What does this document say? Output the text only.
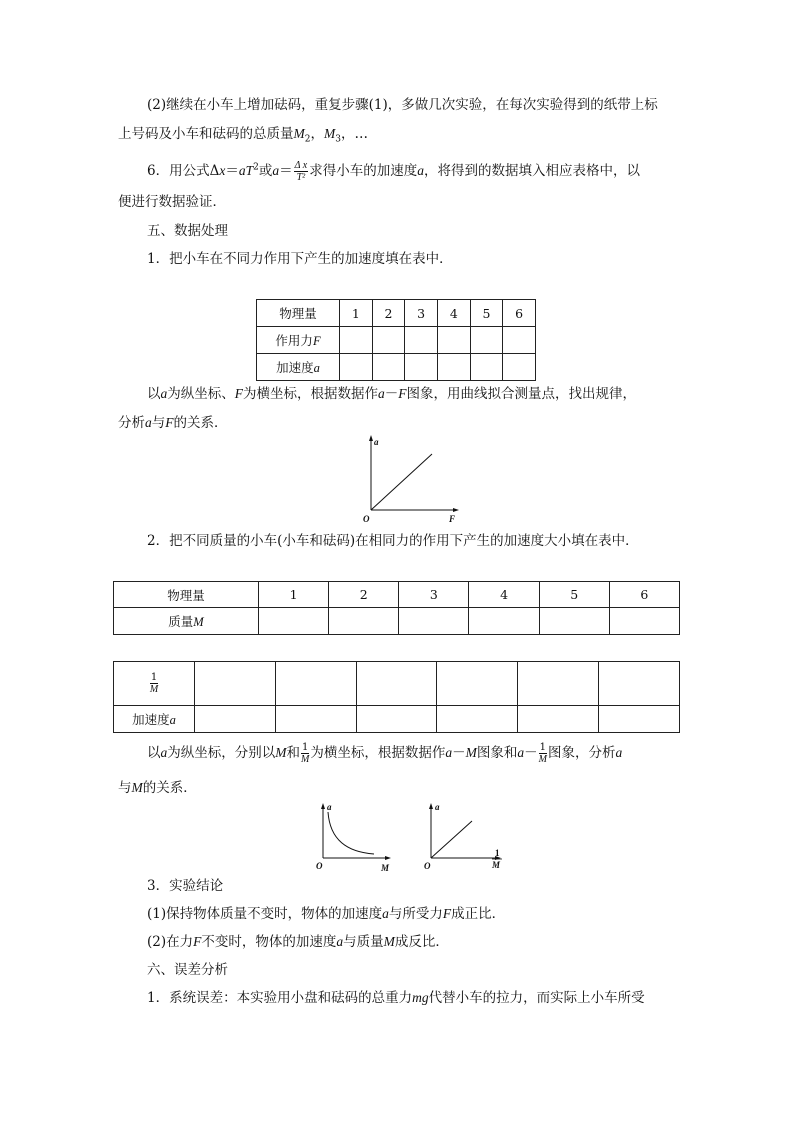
(2)继续在小车上增加砝码，重复步骤(1)，多做几次实验，在每次实验得到的纸带上标
上号码及小车和砝码的总质量$M_2$，$M_3$，…
6．用公式$\Delta x=aT^2$或$a= \frac{\text{Δ x}}{\text{T²}}$ 求得小车的加速度a，将得到的数据填入相应表格中，以
便进行数据验证．
五、数据处理
1．把小车在不同力作用下产生的加速度填在表中．
物理量	1	2	3	4	5	6
作用力F						
加速度a						
以a为纵坐标、F为横坐标，根据数据作a－F图象，用曲线拟合测量点，找出规律，
分析a与F的关系．
a
O	F
2．把不同质量的小车(小车和砝码)在相同力的作用下产生的加速度大小填在表中．
物理量	1	2	3	4	5	6
质量M						
$\frac{1}{M}$

加速度a						
以a为纵坐标，分别以M和 $\frac{1}{M}$ 为横坐标，根据数据作a－M图象和$a- \frac{1}{M}$ 图象，分析a
与M的关系．
a
O	M
a
O
1
M
3．实验结论
(1)保持物体质量不变时，物体的加速度a与所受力F成正比．
(2)在力F不变时，物体的加速度a与质量M成反比．
六、误差分析
1．系统误差：本实验用小盘和砝码的总重力mg代替小车的拉力，而实际上小车所受
